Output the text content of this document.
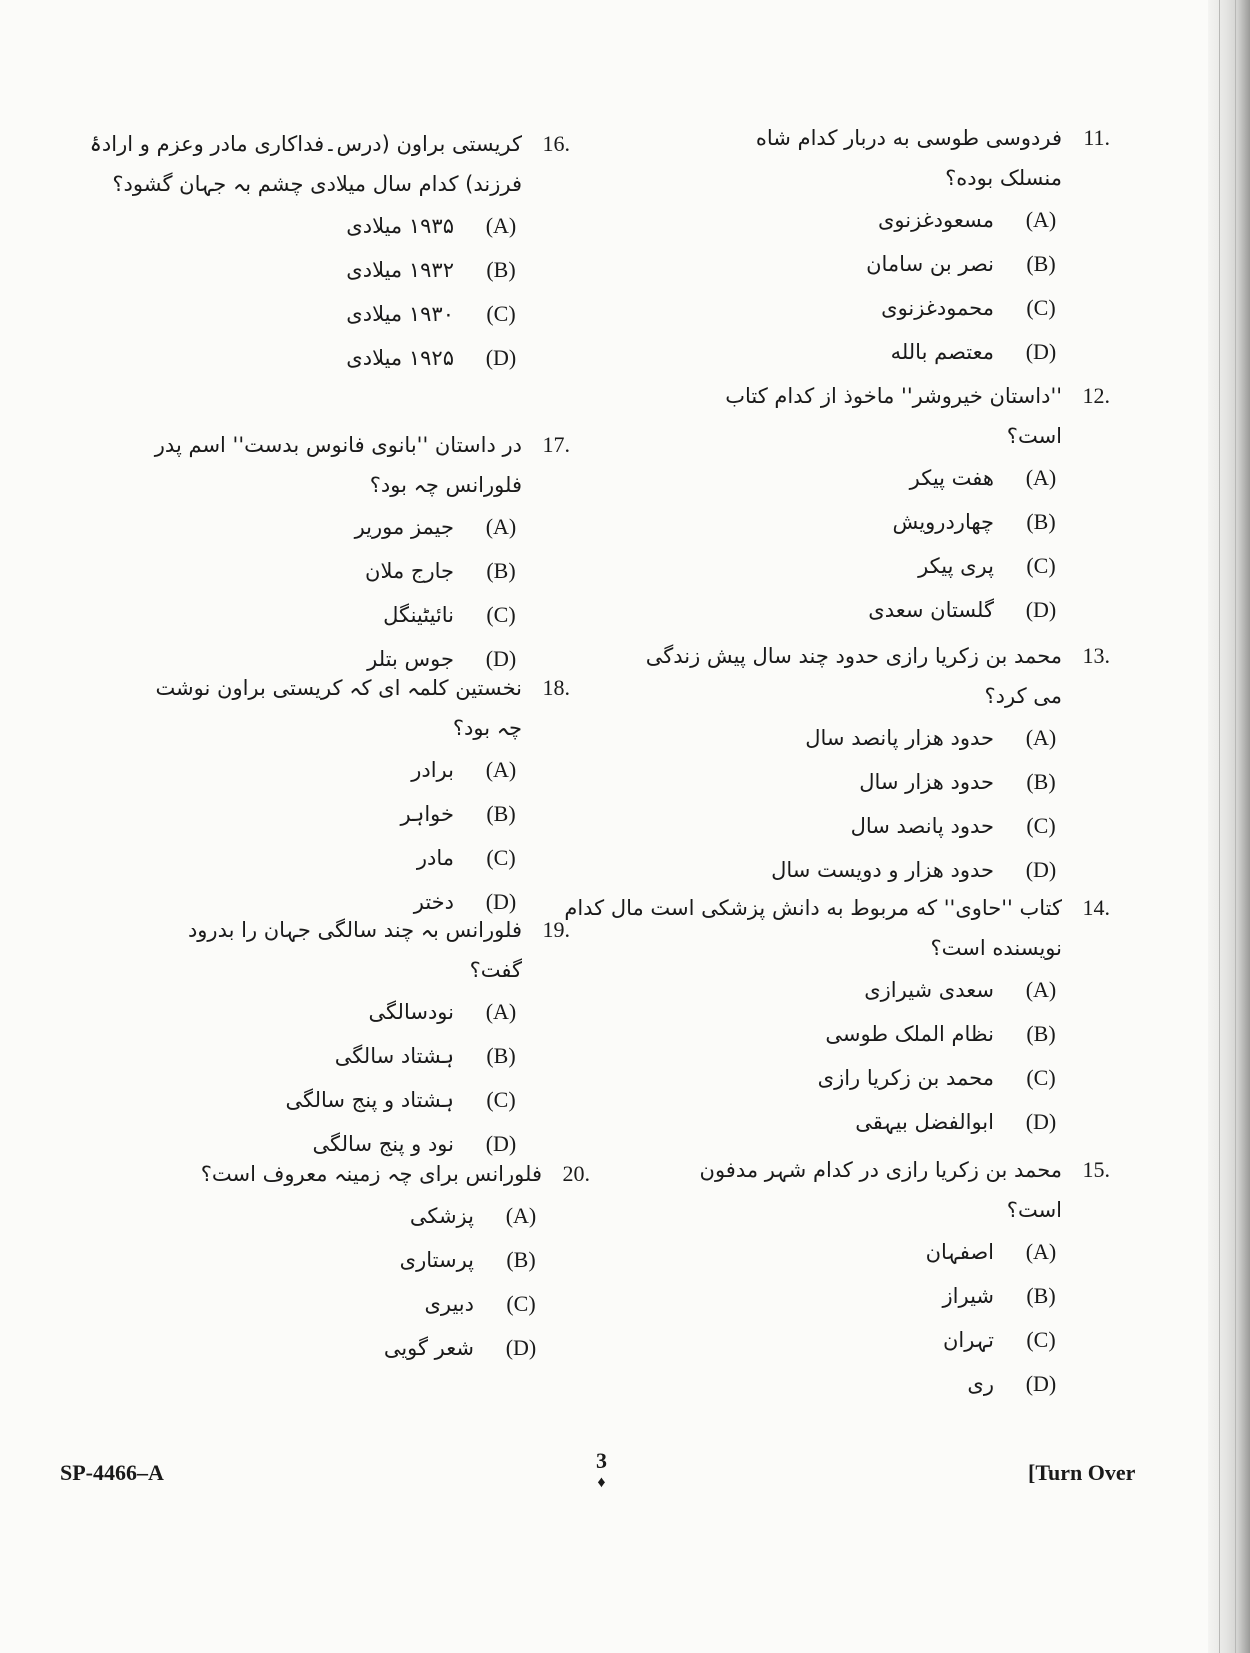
11.
فردوسی طوسی به دربار کدام شاه منسلک بوده؟
(A)
مسعودغزنوی
(B)
نصر بن سامان
(C)
محمودغزنوی
(D)
معتصم بالله
12.
''داستان خیروشر'' ماخوذ از کدام کتاب است؟
(A)
هفت پیکر
(B)
چهاردرویش
(C)
پری پیکر
(D)
گلستان سعدی
13.
محمد بن زکریا رازی حدود چند سال پیش زندگی می کرد؟
(A)
حدود هزار پانصد سال
(B)
حدود هزار سال
(C)
حدود پانصد سال
(D)
حدود هزار و دویست سال
14.
کتاب ''حاوی'' که مربوط به دانش پزشکی است مال کدام نویسنده است؟
(A)
سعدی شیرازی
(B)
نظام الملک طوسی
(C)
محمد بن زکریا رازی
(D)
ابوالفضل بیہقی
15.
محمد بن زکریا رازی در کدام شہر مدفون است؟
(A)
اصفہان
(B)
شیراز
(C)
تہران
(D)
ری
16.
کریستی براون (درس۔فداکاری مادر وعزم و ارادۂ فرزند) کدام سال میلادی چشم بہ جہان گشود؟
(A)
۱۹۳۵ میلادی
(B)
۱۹۳۲ میلادی
(C)
۱۹۳۰ میلادی
(D)
۱۹۲۵ میلادی
17.
در داستان ''بانوی فانوس بدست'' اسم پدر فلورانس چہ بود؟
(A)
جیمز موریر
(B)
جارج ملان
(C)
نائیٹینگل
(D)
جوس بتلر
18.
نخستین کلمہ ای کہ کریستی براون نوشت چہ بود؟
(A)
برادر
(B)
خواہر
(C)
مادر
(D)
دختر
19.
فلورانس بہ چند سالگی جہان را بدرود گفت؟
(A)
نودسالگی
(B)
ہشتاد سالگی
(C)
ہشتاد و پنج سالگی
(D)
نود و پنج سالگی
20.
فلورانس برای چہ زمینہ معروف است؟
(A)
پزشکی
(B)
پرستاری
(C)
دبیری
(D)
شعر گویی
SP-4466–A	3
♦	[Turn Over
